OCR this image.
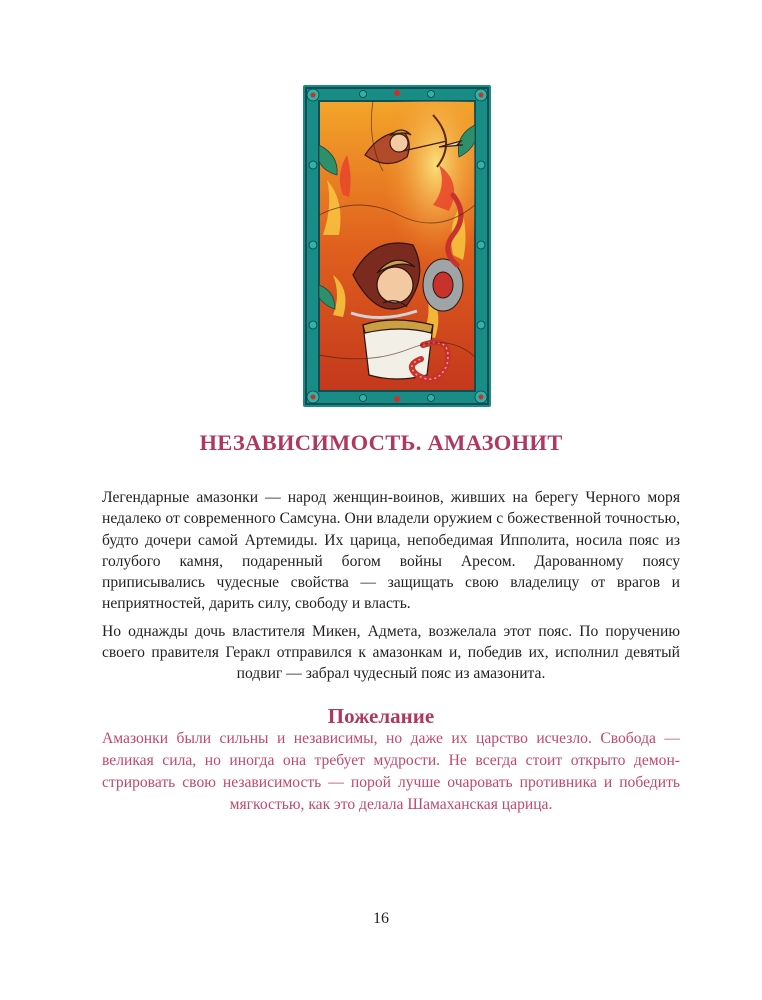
НЕЗАВИСИМОСТЬ. АМАЗОНИТ

Легендарные амазонки — народ женщин-воинов, живших на берегу Черного моря недалеко от современного Самсуна. Они владели оружием с божественной точностью, будто дочери самой Артемиды. Их царица, непобедимая Ипполита, носила пояс из голубого камня, подаренный богом войны Аресом. Дарованному поясу приписывались чудесные свойства — защищать свою владелицу от врагов и неприятностей, дарить силу, свободу и власть.

Но однажды дочь властителя Микен, Адмета, возжелала этот пояс. По поручению своего правителя Геракл отправился к амазонкам и, победив их, исполнил девятый подвиг — забрал чудесный пояс из амазонита.

Пожелание
Амазонки были сильны и независимы, но даже их царство исчезло. Свобода — великая сила, но иногда она требует мудрости. Не всегда стоит открыто демонстрировать свою независимость — порой лучше очаровать противника и победить мягкостью, как это делала Шамаханская царица.
16
